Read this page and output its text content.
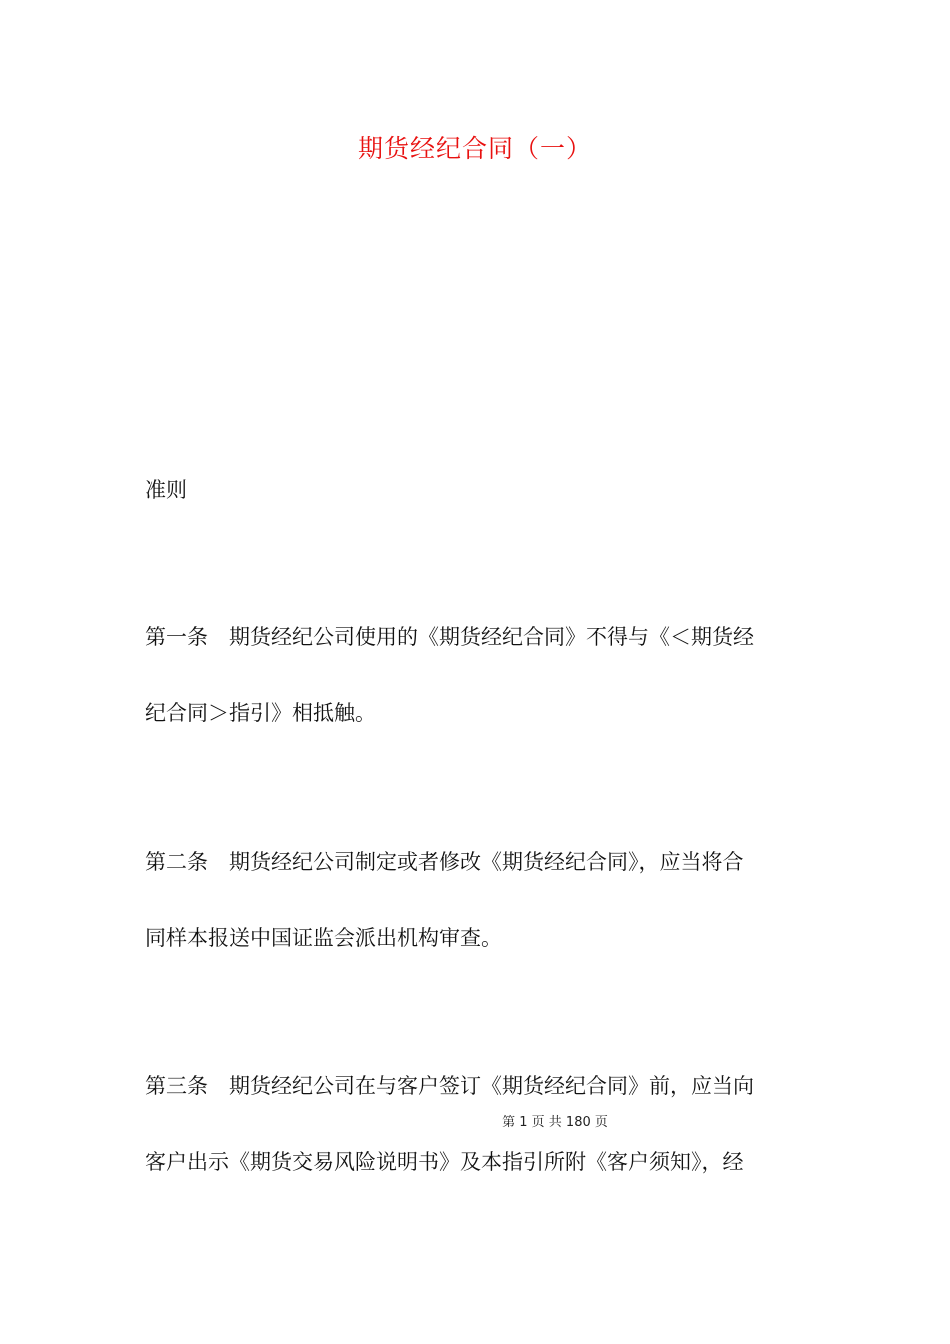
期货经纪合同（一）
准则
第一条　期货经纪公司使用的《期货经纪合同》不得与《＜期货经
纪合同＞指引》相抵触。
第二条　期货经纪公司制定或者修改《期货经纪合同》，应当将合
同样本报送中国证监会派出机构审查。
第三条　期货经纪公司在与客户签订《期货经纪合同》前，应当向
第 1 页 共 180 页
客户出示《期货交易风险说明书》及本指引所附《客户须知》，经
